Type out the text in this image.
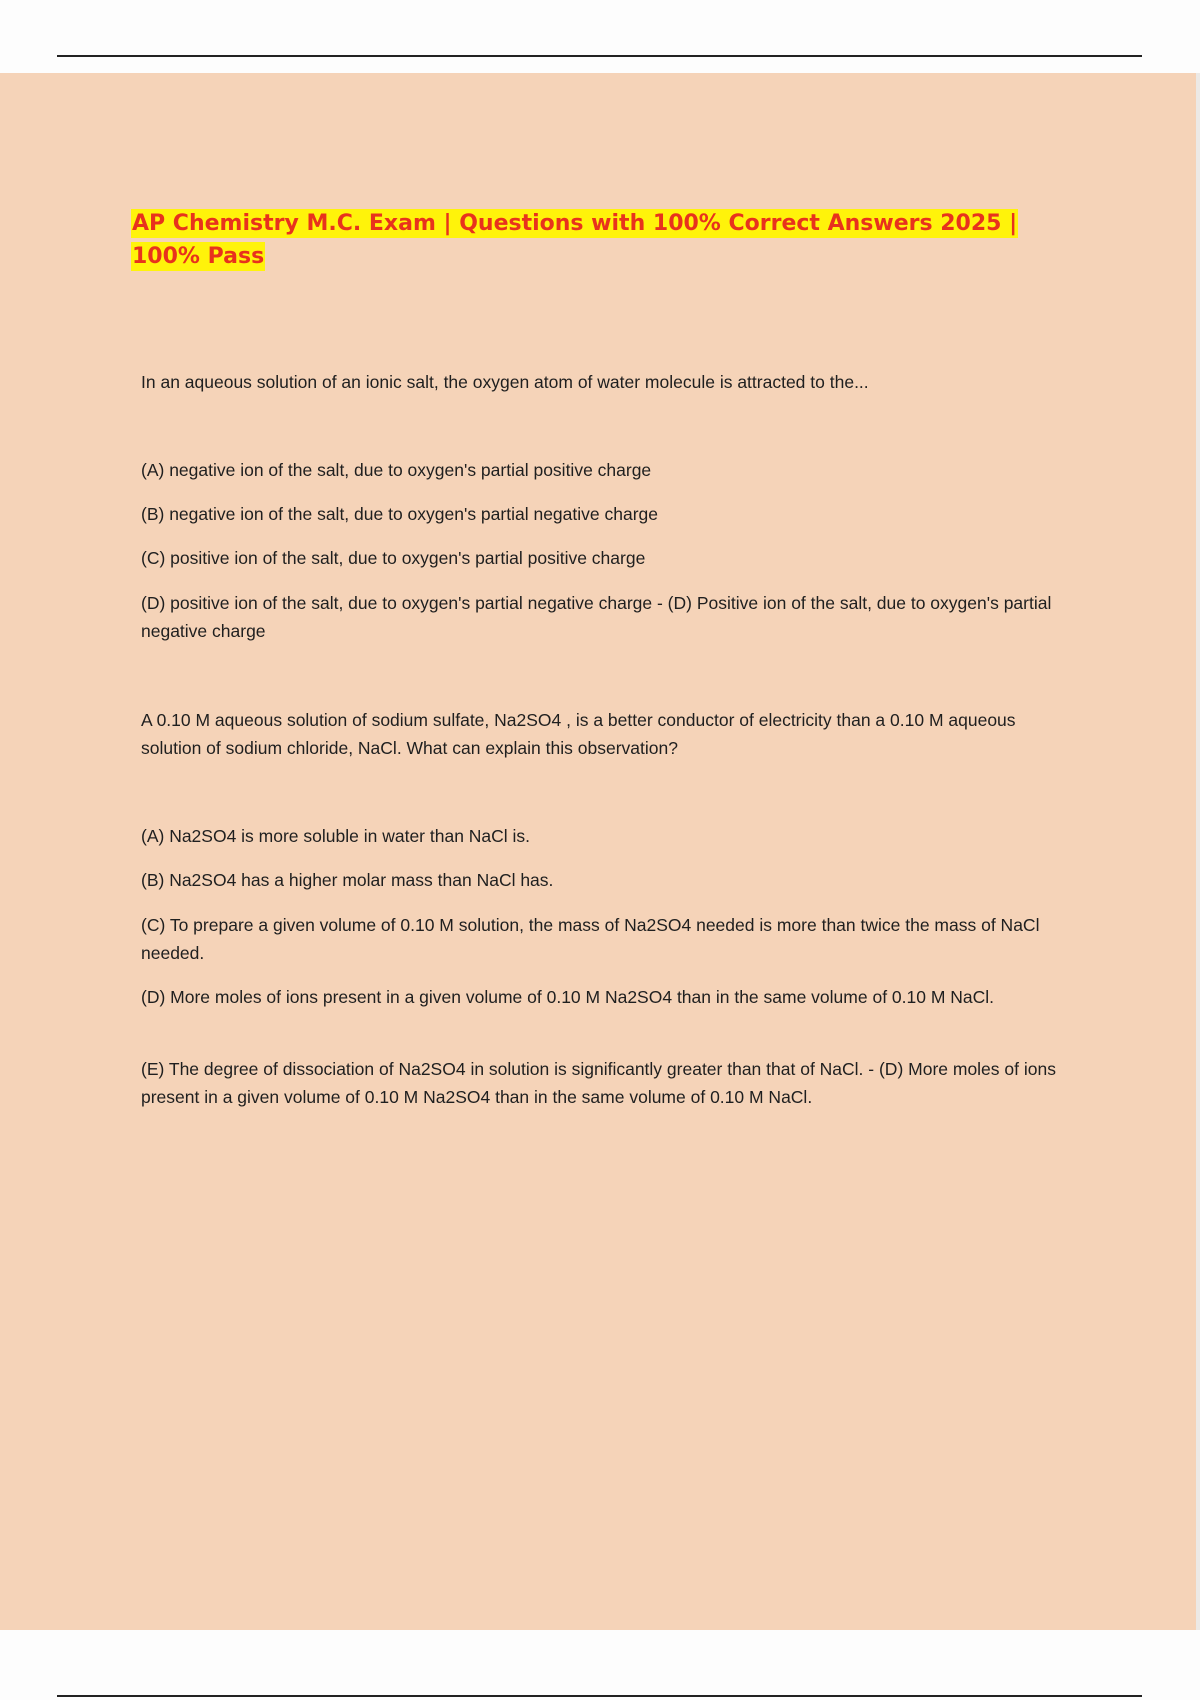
AP Chemistry M.C. Exam | Questions with 100% Correct Answers 2025 | 100% Pass

In an aqueous solution of an ionic salt, the oxygen atom of water molecule is attracted to the...

(A) negative ion of the salt, due to oxygen's partial positive charge

(B) negative ion of the salt, due to oxygen's partial negative charge

(C) positive ion of the salt, due to oxygen's partial positive charge

(D) positive ion of the salt, due to oxygen's partial negative charge - (D) Positive ion of the salt, due to oxygen's partial negative charge

A 0.10 M aqueous solution of sodium sulfate, Na2SO4 , is a better conductor of electricity than a 0.10 M aqueous solution of sodium chloride, NaCl. What can explain this observation?

(A) Na2SO4 is more soluble in water than NaCl is.

(B) Na2SO4 has a higher molar mass than NaCl has.

(C) To prepare a given volume of 0.10 M solution, the mass of Na2SO4 needed is more than twice the mass of NaCl needed.

(D) More moles of ions present in a given volume of 0.10 M Na2SO4 than in the same volume of 0.10 M NaCl.

(E) The degree of dissociation of Na2SO4 in solution is significantly greater than that of NaCl. - (D) More moles of ions present in a given volume of 0.10 M Na2SO4 than in the same volume of 0.10 M NaCl.
